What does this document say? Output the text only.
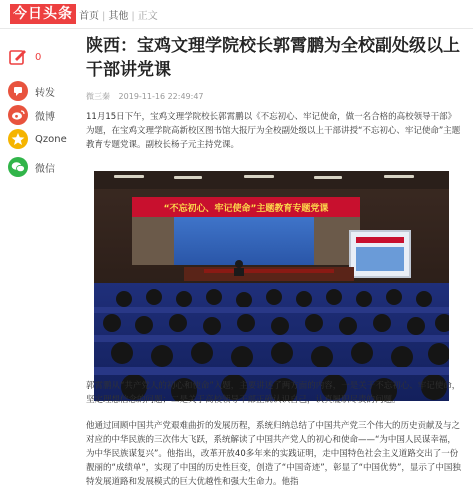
今日头条 首页 | 其他 | 正文
0
转发
微博
Qzone
微信
陕西：宝鸡文理学院校长郭霄鹏为全校副处级以上干部讲党课
微三秦 2019-11-16 22:49:47

11月15日下午，宝鸡文理学院校长郭霄鹏以《不忘初心、牢记使命，做一名合格的高校领导干部》为题，在宝鸡文理学院高新校区图书馆大报厅为全校副处级以上干部讲授“不忘初心、牢记使命”主题教育专题党课。副校长杨子元主持党课。

“不忘初心、牢记使命”主题教育专题党课

郭霄鹏从“共产党人的初心和使命”入题，主要讲述了两方面的内容，一是关于不忘初心、牢记使命，坚定理想信念的问题；二是关于高校领导干部正确认识自己，认真履职尽责的问题。

他通过回顾中国共产党艰难曲折的发展历程，系统归纳总结了中国共产党三个伟大的历史贡献及与之对应的中华民族的三次伟大飞跃，系统解读了中国共产党人的初心和使命——“为中国人民谋幸福，为中华民族谋复兴”。他指出，改革开放40多年来的实践证明，走中国特色社会主义道路交出了一份靓丽的“成绩单”，实现了中国的历史性巨变，创造了“中国奇迹”，彰显了“中国优势”，显示了中国独特发展道路和发展模式的巨大优越性和强大生命力。他指
